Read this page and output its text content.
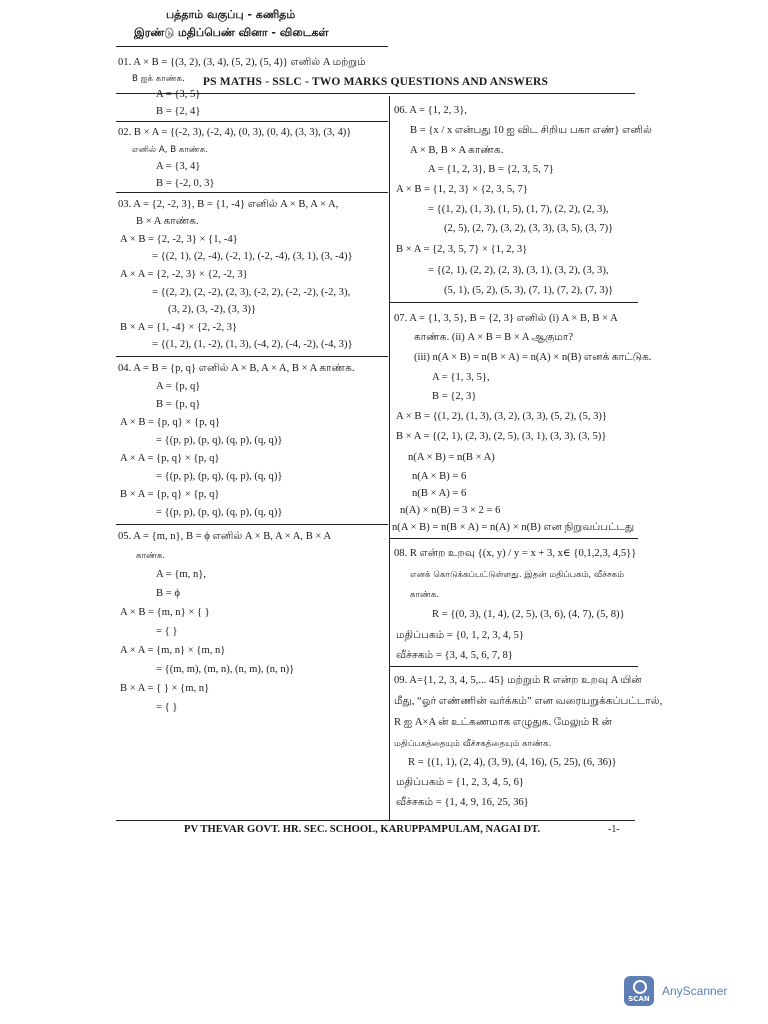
PS MATHS - SSLC - TWO MARKS QUESTIONS AND ANSWERS
பத்தாம் வகுப்பு - கணிதம்
இரண்டு மதிப்பெண் வினா - விடைகள்
01. A × B = {(3, 2), (3, 4), (5, 2), (5, 4)} எனில் A மற்றும்
B ஐக் காண்க.
A = {3, 5}
B = {2, 4}
02. B × A = {(-2, 3), (-2, 4), (0, 3), (0, 4), (3, 3), (3, 4)}
எனில் A, B காண்க.
A = {3, 4}
B = {-2, 0, 3}
03. A = {2, -2, 3}, B = {1, -4} எனில் A × B, A × A,
B × A காண்க.
A × B = {2, -2, 3} × {1, -4}
= {(2, 1), (2, -4), (-2, 1), (-2, -4), (3, 1), (3, -4)}
A × A = {2, -2, 3} × {2, -2, 3}
= {(2, 2), (2, -2), (2, 3), (-2, 2), (-2, -2), (-2, 3),
(3, 2), (3, -2), (3, 3)}
B × A = {1, -4} × {2, -2, 3}
= {(1, 2), (1, -2), (1, 3), (-4, 2), (-4, -2), (-4, 3)}
04. A = B = {p, q} எனில் A × B, A × A, B × A காண்க.
A = {p, q}
B = {p, q}
A × B = {p, q} × {p, q}
= {(p, p), (p, q), (q, p), (q, q)}
A × A = {p, q} × {p, q}
= {(p, p), (p, q), (q, p), (q, q)}
B × A = {p, q} × {p, q}
= {(p, p), (p, q), (q, p), (q, q)}
05. A = {m, n}, B = ϕ எனில் A × B, A × A, B × A
காண்க.
A = {m, n},
B = ϕ
A × B = {m, n} × { }
= { }
A × A = {m, n} × {m, n}
= {(m, m), (m, n), (n, m), (n, n)}
B × A = { } × {m, n}
= { }
06. A = {1, 2, 3},
B = {x / x என்பது 10 ஐ விட சிறிய பகா எண்} எனில்
A × B, B × A காண்க.
A = {1, 2, 3}, B = {2, 3, 5, 7}
A × B = {1, 2, 3} × {2, 3, 5, 7}
= {(1, 2), (1, 3), (1, 5), (1, 7), (2, 2), (2, 3),
(2, 5), (2, 7), (3, 2), (3, 3), (3, 5), (3, 7)}
B × A = {2, 3, 5, 7} × {1, 2, 3}
= {(2, 1), (2, 2), (2, 3), (3, 1), (3, 2), (3, 3),
(5, 1), (5, 2), (5, 3), (7, 1), (7, 2), (7, 3)}
07. A = {1, 3, 5}, B = {2, 3} எனில் (i) A × B, B × A
காண்க. (ii) A × B = B × A ஆகுமா?
(iii) n(A × B) = n(B × A) = n(A) × n(B) எனக் காட்டுக.
A = {1, 3, 5},
B = {2, 3}
A × B = {(1, 2), (1, 3), (3, 2), (3, 3), (5, 2), (5, 3)}
B × A = {(2, 1), (2, 3), (2, 5), (3, 1), (3, 3), (3, 5)}
n(A × B) = n(B × A)
n(A × B) = 6
n(B × A) = 6
n(A) × n(B) = 3 × 2 = 6
n(A × B) = n(B × A) = n(A) × n(B) என நிறுவப்பட்டது
08. R என்ற உறவு {(x, y) / y = x + 3, x∈ {0,1,2,3, 4,5}}
எனக் கொடுக்கப்பட்டுள்ளது. இதன் மதிப்பகம், வீச்சகம்
காண்க.
R = {(0, 3), (1, 4), (2, 5), (3, 6), (4, 7), (5, 8)}
மதிப்பகம் = {0, 1, 2, 3, 4, 5}
வீச்சகம் = {3, 4, 5, 6, 7, 8}
09. A={1, 2, 3, 4, 5,... 45} மற்றும் R என்ற உறவு A யின்
மீது, “ஓர் எண்ணின் வர்க்கம்” என வரையறுக்கப்பட்டால்,
R ஐ A×A ன் உட்கணமாக எழுதுக. மேலும் R ன்
மதிப்பகத்தையும் வீச்சகத்தையும் காண்க.
R = {(1, 1), (2, 4), (3, 9), (4, 16), (5, 25), (6, 36)}
மதிப்பகம் = {1, 2, 3, 4, 5, 6}
வீச்சகம் = {1, 4, 9, 16, 25, 36}
PV THEVAR GOVT. HR. SEC. SCHOOL, KARUPPAMPULAM, NAGAI DT.	-1-
SCAN
AnyScanner
